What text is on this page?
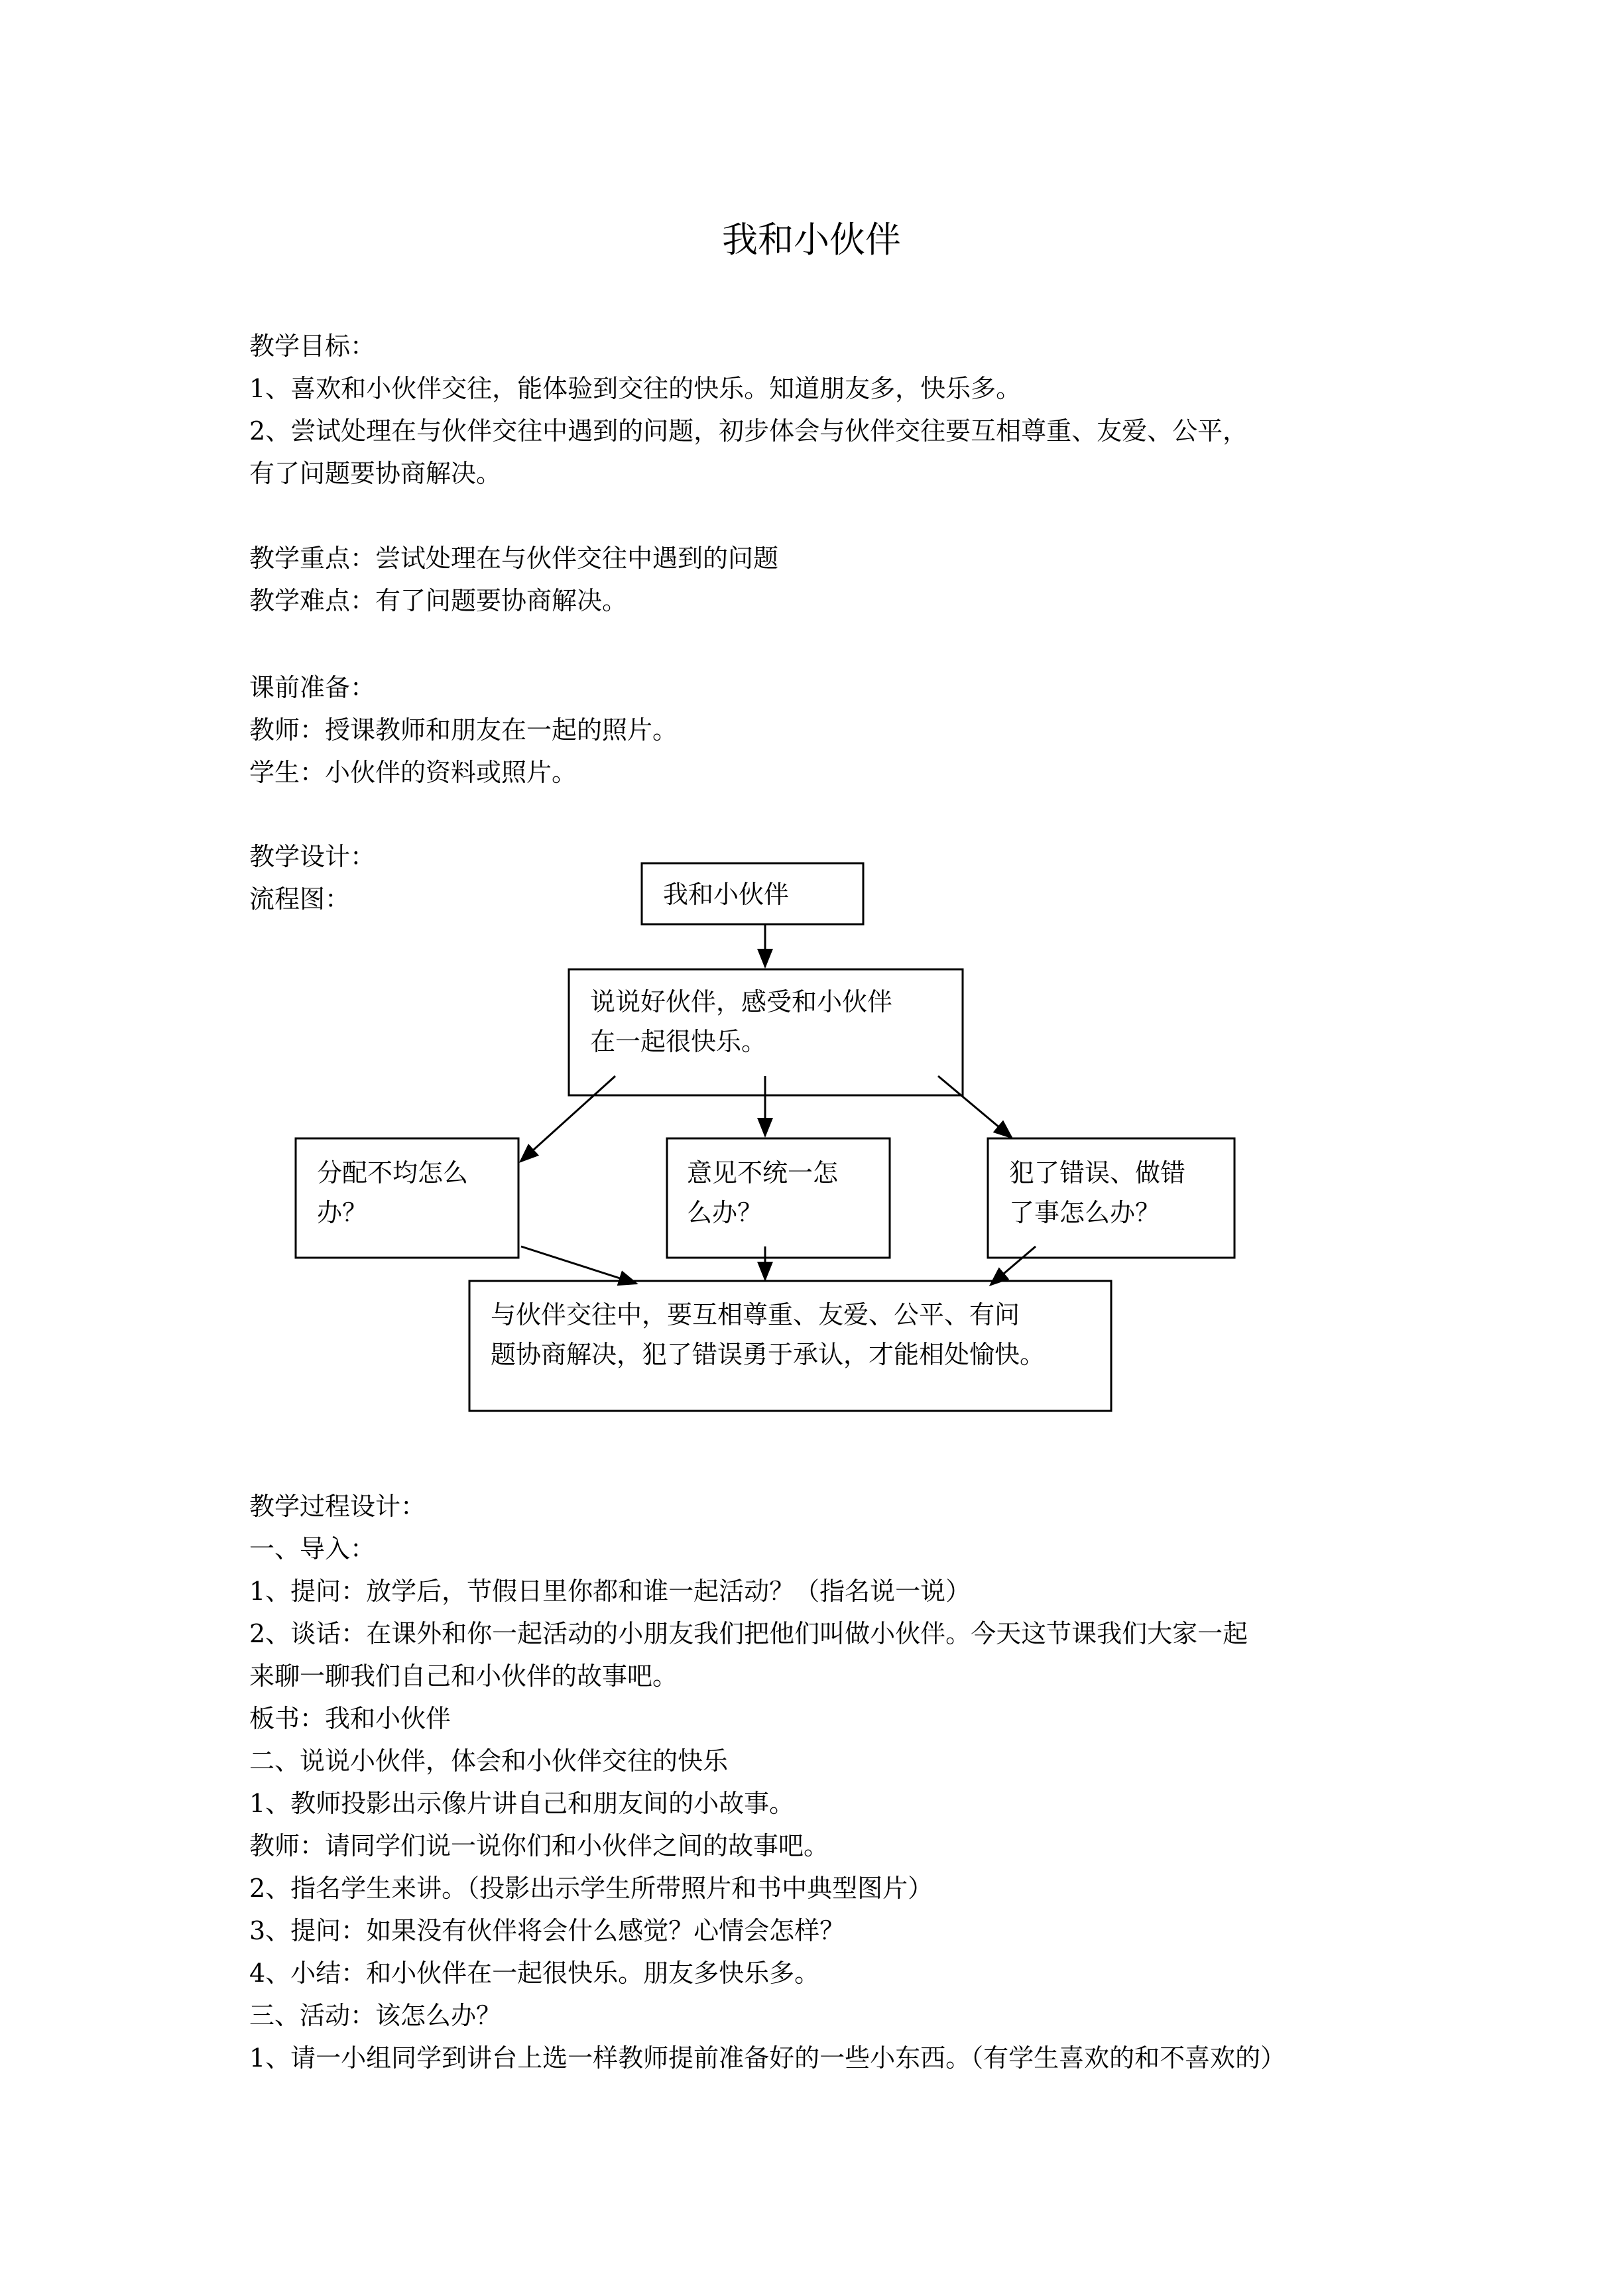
我和小伙伴
教学目标：
1、喜欢和小伙伴交往，能体验到交往的快乐。知道朋友多，快乐多。
2、尝试处理在与伙伴交往中遇到的问题，初步体会与伙伴交往要互相尊重、友爱、公平，
有了问题要协商解决。
教学重点：尝试处理在与伙伴交往中遇到的问题
教学难点：有了问题要协商解决。
课前准备：
教师：授课教师和朋友在一起的照片。
学生：小伙伴的资料或照片。
教学设计：
流程图：	我和小伙伴
说说好伙伴，感受和小伙伴
在一起很快乐。
分配不均怎么
办？
意见不统一怎
么办？
犯了错误、做错
了事怎么办？
与伙伴交往中，要互相尊重、友爱、公平、有问
题协商解决，犯了错误勇于承认，才能相处愉快。
教学过程设计：
一、导入：
1、提问：放学后，节假日里你都和谁一起活动？（指名说一说）
2、谈话：在课外和你一起活动的小朋友我们把他们叫做小伙伴。今天这节课我们大家一起
来聊一聊我们自己和小伙伴的故事吧。
板书：我和小伙伴
二、说说小伙伴，体会和小伙伴交往的快乐
1、教师投影出示像片讲自己和朋友间的小故事。
教师：请同学们说一说你们和小伙伴之间的故事吧。
2、指名学生来讲。（投影出示学生所带照片和书中典型图片）
3、提问：如果没有伙伴将会什么感觉？心情会怎样？
4、小结：和小伙伴在一起很快乐。朋友多快乐多。
三、活动：该怎么办？
1、请一小组同学到讲台上选一样教师提前准备好的一些小东西。（有学生喜欢的和不喜欢的）
